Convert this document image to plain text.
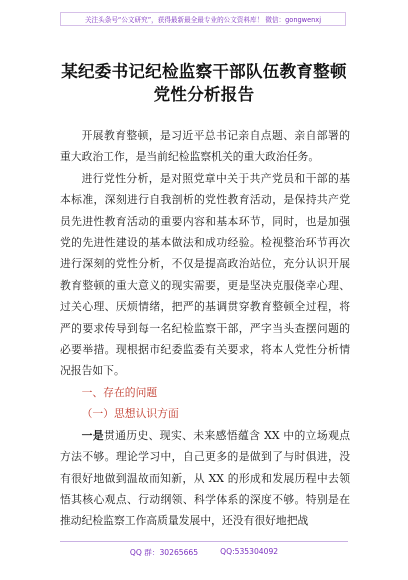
关注头条号“公文研究”，获得最新最全最专业的公文资料库！ 微信：gongwenxj
某纪委书记纪检监察干部队伍教育整顿党性分析报告

开展教育整顿，是习近平总书记亲自点题、亲自部署的重大政治工作，是当前纪检监察机关的重大政治任务。

进行党性分析，是对照党章中关于共产党员和干部的基本标准，深刻进行自我剖析的党性教育活动，是保持共产党员先进性教育活动的重要内容和基本环节，同时，也是加强党的先进性建设的基本做法和成功经验。检视整治环节再次进行深刻的党性分析，不仅是提高政治站位，充分认识开展教育整顿的重大意义的现实需要，更是坚决克服侥幸心理、过关心理、厌烦情绪，把严的基调贯穿教育整顿全过程，将严的要求传导到每一名纪检监察干部，严字当头查摆问题的必要举措。现根据市纪委监委有关要求，将本人党性分析情况报告如下。

一、存在的问题

（一）思想认识方面

一是贯通历史、现实、未来感悟蕴含 XX 中的立场观点方法不够。理论学习中，自己更多的是做到了与时俱进，没有很好地做到温故而知新，从 XX 的形成和发展历程中去领悟其核心观点、行动纲领、科学体系的深度不够。特别是在推动纪检监察工作高质量发展中，还没有很好地把战

QQ 群：30265665	QQ:535304092
